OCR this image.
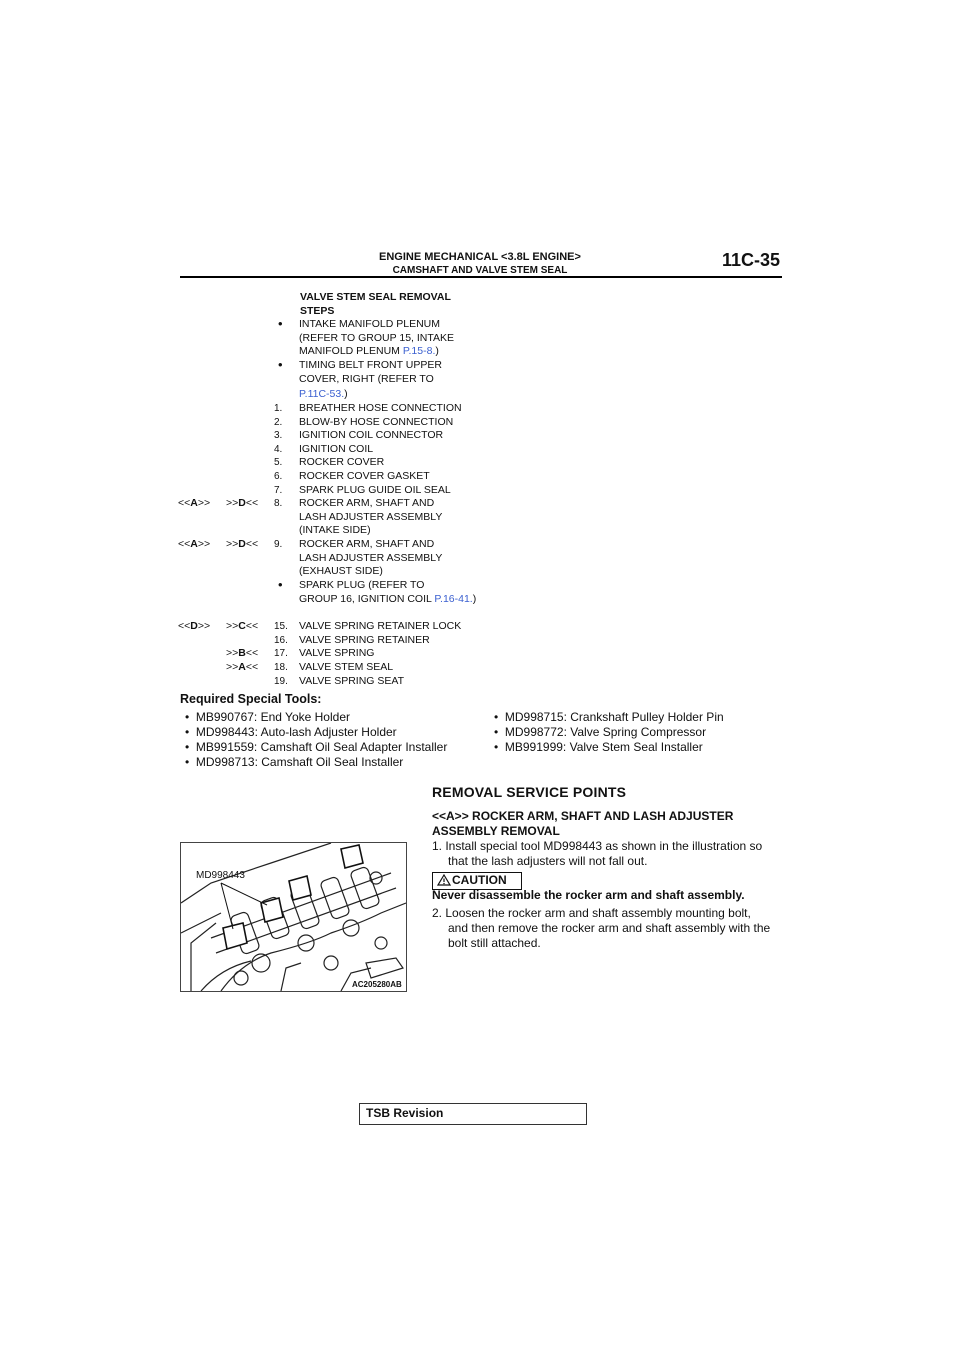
ENGINE MECHANICAL <3.8L ENGINE>
CAMSHAFT AND VALVE STEM SEAL
11C-35
VALVE STEM SEAL REMOVAL
STEPS
•	INTAKE MANIFOLD PLENUM
(REFER TO GROUP 15, INTAKE
MANIFOLD PLENUM P.15-8.)
•	TIMING BELT FRONT UPPER
COVER, RIGHT (REFER TO
P.11C-53.)
1.	BREATHER HOSE CONNECTION
2.	BLOW-BY HOSE CONNECTION
3.	IGNITION COIL CONNECTOR
4.	IGNITION COIL
5.	ROCKER COVER
6.	ROCKER COVER GASKET
7.	SPARK PLUG GUIDE OIL SEAL
<<A>>	>>D<<	8.	ROCKER ARM, SHAFT AND
LASH ADJUSTER ASSEMBLY
(INTAKE SIDE)
<<A>>	>>D<<	9.	ROCKER ARM, SHAFT AND
LASH ADJUSTER ASSEMBLY
(EXHAUST SIDE)
•	SPARK PLUG (REFER TO
GROUP 16, IGNITION COIL P.16-41.)
<<D>>	>>C<<	15.	VALVE SPRING RETAINER LOCK
16.	VALVE SPRING RETAINER
>>B<<	17.	VALVE SPRING
>>A<<	18.	VALVE STEM SEAL
19.	VALVE SPRING SEAT
Required Special Tools:
•  MB990767: End Yoke Holder
•  MD998443: Auto-lash Adjuster Holder
•  MB991559: Camshaft Oil Seal Adapter Installer
•  MD998713: Camshaft Oil Seal Installer
•  MD998715: Crankshaft Pulley Holder Pin
•  MD998772: Valve Spring Compressor
•  MB991999: Valve Stem Seal Installer
REMOVAL SERVICE POINTS
<<A>> ROCKER ARM, SHAFT AND LASH ADJUSTER
ASSEMBLY REMOVAL
1. Install special tool MD998443 as shown in the illustration so
that the lash adjusters will not fall out.
CAUTION
Never disassemble the rocker arm and shaft assembly.
2. Loosen the rocker arm and shaft assembly mounting bolt,
and then remove the rocker arm and shaft assembly with the
bolt still attached.
MD998443
AC205280AB
TSB Revision
